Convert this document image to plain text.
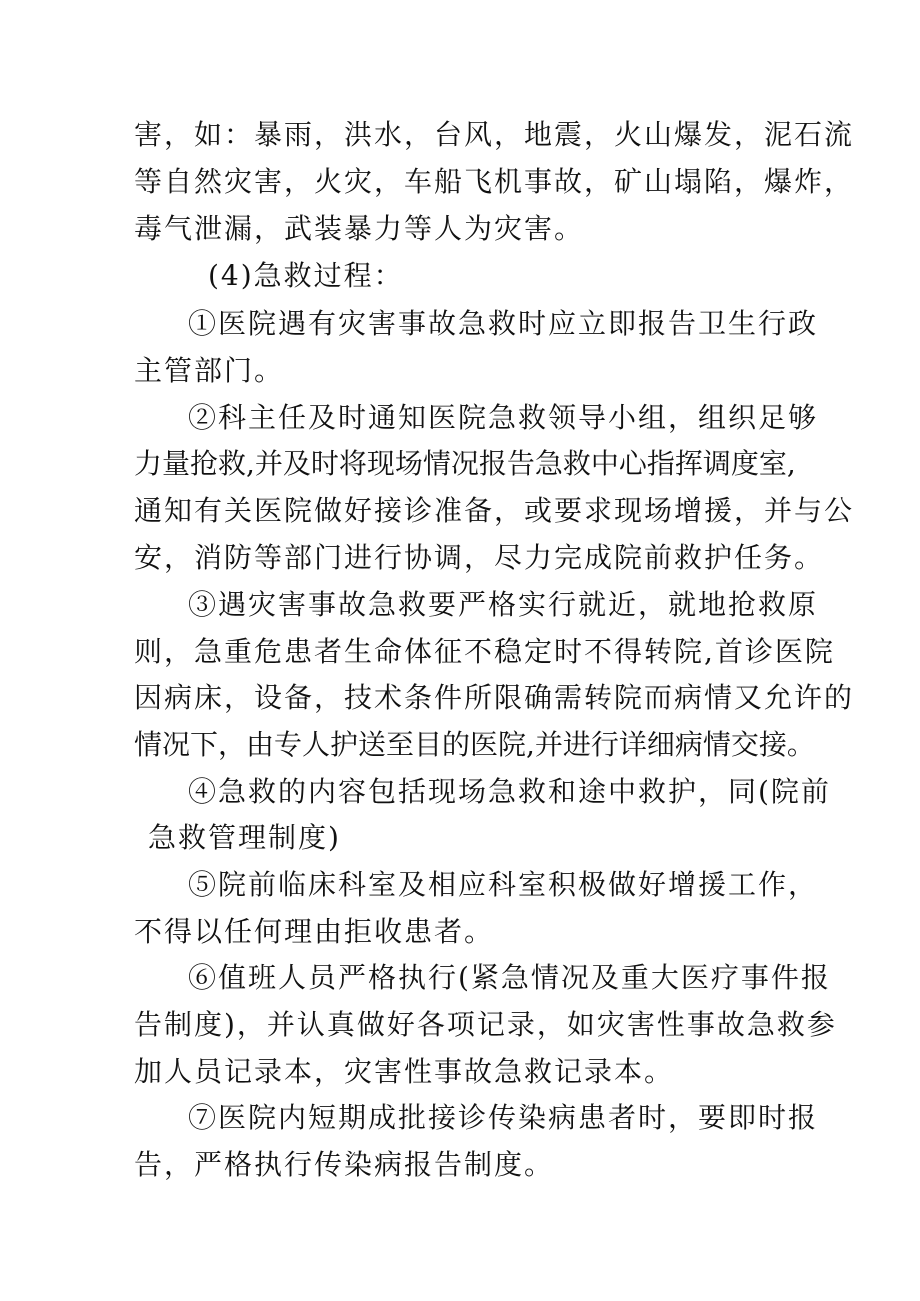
害，如：暴雨，洪水，台风，地震，火山爆发，泥石流
等自然灾害，火灾，车船飞机事故，矿山塌陷，爆炸，
毒气泄漏，武装暴力等人为灾害。
(4)急救过程：
①医院遇有灾害事故急救时应立即报告卫生行政
主管部门。
②科主任及时通知医院急救领导小组，组织足够
力量抢救,并及时将现场情况报告急救中心指挥调度室,
通知有关医院做好接诊准备，或要求现场增援，并与公
安，消防等部门进行协调，尽力完成院前救护任务。
③遇灾害事故急救要严格实行就近，就地抢救原
则，急重危患者生命体征不稳定时不得转院,首诊医院
因病床，设备，技术条件所限确需转院而病情又允许的
情况下，由专人护送至目的医院,并进行详细病情交接。
④急救的内容包括现场急救和途中救护，同(院前
急救管理制度)
⑤院前临床科室及相应科室积极做好增援工作，
不得以任何理由拒收患者。
⑥值班人员严格执行(紧急情况及重大医疗事件报
告制度)，并认真做好各项记录，如灾害性事故急救参
加人员记录本，灾害性事故急救记录本。
⑦医院内短期成批接诊传染病患者时，要即时报
告，严格执行传染病报告制度。
